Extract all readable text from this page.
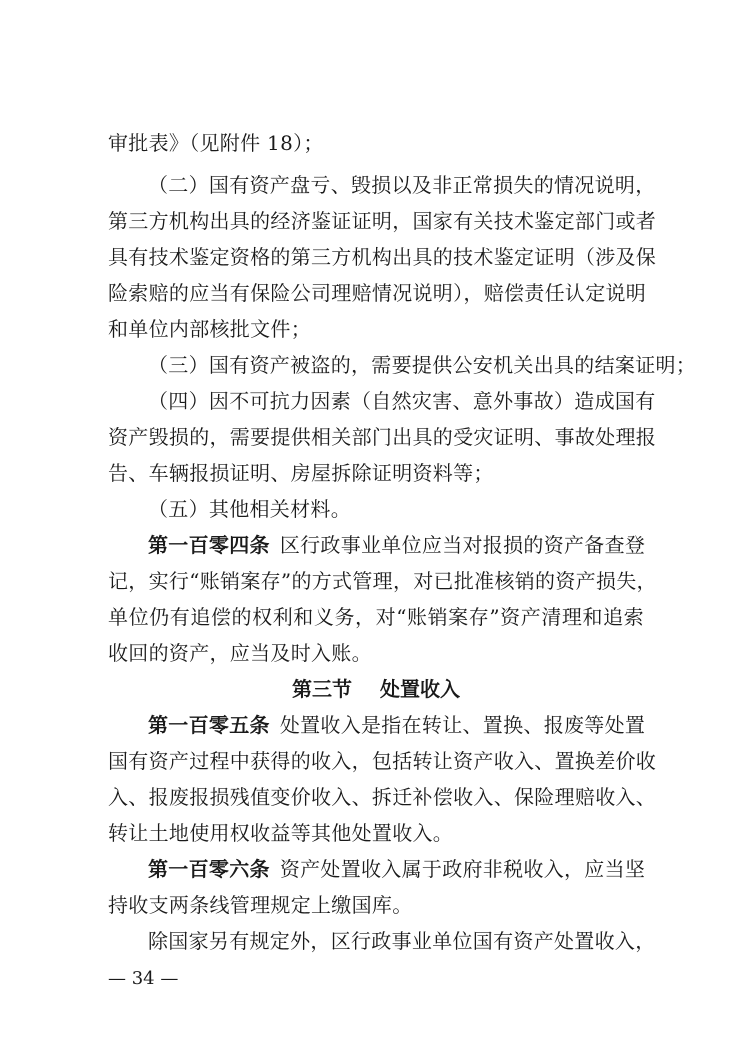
审批表》（见附件 18）；
（二）国有资产盘亏、毁损以及非正常损失的情况说明，
第三方机构出具的经济鉴证证明，国家有关技术鉴定部门或者
具有技术鉴定资格的第三方机构出具的技术鉴定证明（涉及保
险索赔的应当有保险公司理赔情况说明），赔偿责任认定说明
和单位内部核批文件；
（三）国有资产被盗的，需要提供公安机关出具的结案证明；
（四）因不可抗力因素（自然灾害、意外事故）造成国有
资产毁损的，需要提供相关部门出具的受灾证明、事故处理报
告、车辆报损证明、房屋拆除证明资料等；
（五）其他相关材料。
第一百零四条 区行政事业单位应当对报损的资产备查登
记，实行“账销案存”的方式管理，对已批准核销的资产损失，
单位仍有追偿的权利和义务，对“账销案存”资产清理和追索
收回的资产，应当及时入账。
第三节 处置收入
第一百零五条 处置收入是指在转让、置换、报废等处置
国有资产过程中获得的收入，包括转让资产收入、置换差价收
入、报废报损残值变价收入、拆迁补偿收入、保险理赔收入、
转让土地使用权收益等其他处置收入。
第一百零六条 资产处置收入属于政府非税收入，应当坚
持收支两条线管理规定上缴国库。
除国家另有规定外，区行政事业单位国有资产处置收入，
— 34 —
